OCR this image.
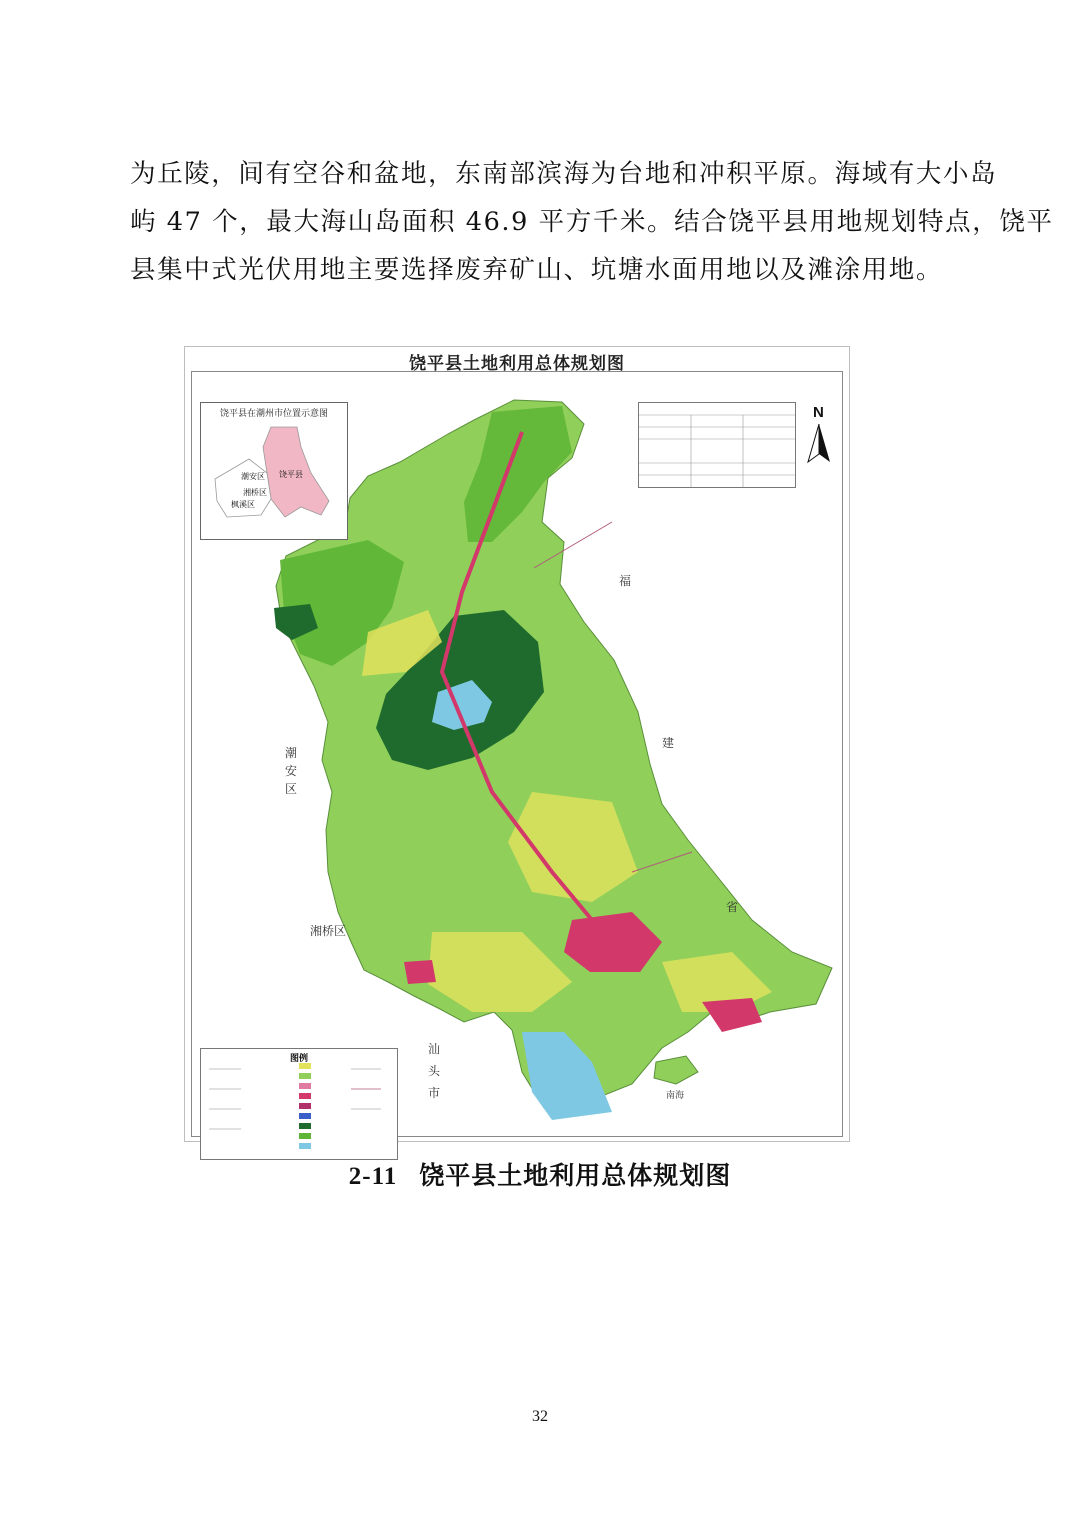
为丘陵，间有空谷和盆地，东南部滨海为台地和冲积平原。海域有大小岛
屿 47 个，最大海山岛面积 46.9 平方千米。结合饶平县用地规划特点，饶平
县集中式光伏用地主要选择废弃矿山、坑塘水面用地以及滩涂用地。
饶平县土地利用总体规划图
饶平县在潮州市位置示意图
饶平县
潮安区
湘桥区
枫溪区
N
图例
福
建
省
潮安区
湘桥区
汕头市	南海
2-11 饶平县土地利用总体规划图
32
